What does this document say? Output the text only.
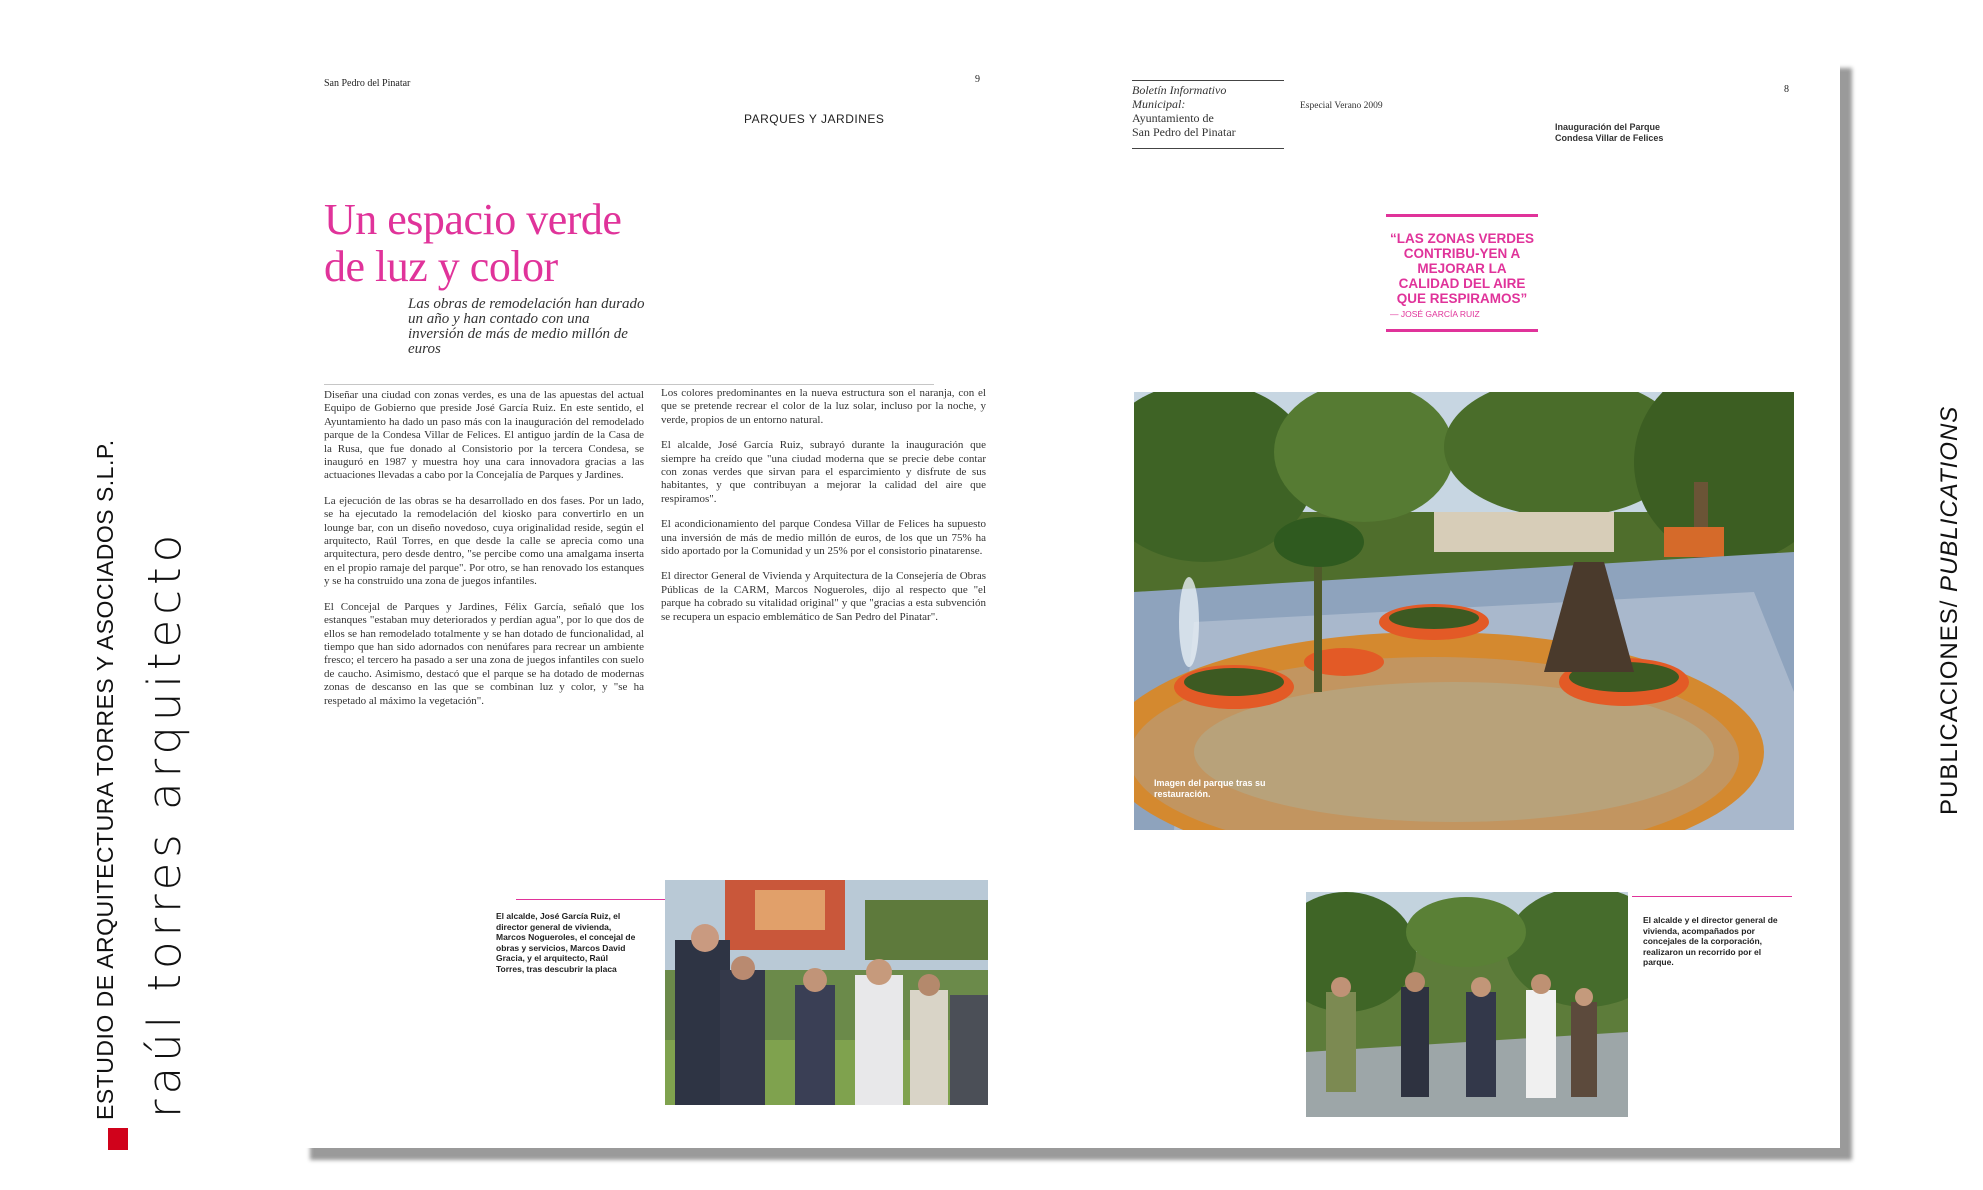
ESTUDIO DE ARQUITECTURA TORRES Y ASOCIADOS S.L.P. raúl torres arquitecto	PUBLICACIONES/ PUBLICATIONS
San Pedro del Pinatar	9
PARQUES Y JARDINES
Un espacio verde
de luz y color
Las obras de remodelación han durado un año y han contado con una inversión de más de medio millón de euros

Diseñar una ciudad con zonas verdes, es una de las apuestas del actual Equipo de Gobierno que preside José García Ruiz. En este sentido, el Ayuntamiento ha dado un paso más con la inauguración del remodelado parque de la Condesa Villar de Felices. El antiguo jardín de la Casa de la Rusa, que fue donado al Consistorio por la tercera Condesa, se inauguró en 1987 y muestra hoy una cara innovadora gracias a las actuaciones llevadas a cabo por la Concejalía de Parques y Jardines.

La ejecución de las obras se ha desarrollado en dos fases. Por un lado, se ha ejecutado la remodelación del kiosko para convertirlo en un lounge bar, con un diseño novedoso, cuya originalidad reside, según el arquitecto, Raúl Torres, en que desde la calle se aprecia como una arquitectura, pero desde dentro, "se percibe como una amalgama inserta en el propio ramaje del parque". Por otro, se han renovado los estanques y se ha construido una zona de juegos infantiles.

El Concejal de Parques y Jardines, Félix García, señaló que los estanques "estaban muy deteriorados y perdían agua", por lo que dos de ellos se han remodelado totalmente y se han dotado de funcionalidad, al tiempo que han sido adornados con nenúfares para recrear un ambiente fresco; el tercero ha pasado a ser una zona de juegos infantiles con suelo de caucho. Asimismo, destacó que el parque se ha dotado de modernas zonas de descanso en las que se combinan luz y color, y "se ha respetado al máximo la vegetación".

Los colores predominantes en la nueva estructura son el naranja, con el que se pretende recrear el color de la luz solar, incluso por la noche, y verde, propios de un entorno natural.

El alcalde, José García Ruiz, subrayó durante la inauguración que siempre ha creído que "una ciudad moderna que se precie debe contar con zonas verdes que sirvan para el esparcimiento y disfrute de sus habitantes, y que contribuyan a mejorar la calidad del aire que respiramos".

El acondicionamiento del parque Condesa Villar de Felices ha supuesto una inversión de más de medio millón de euros, de los que un 75% ha sido aportado por la Comunidad y un 25% por el consistorio pinatarense.

El director General de Vivienda y Arquitectura de la Consejería de Obras Públicas de la CARM, Marcos Nogueroles, dijo al respecto que "el parque ha cobrado su vitalidad original" y que "gracias a esta subvención se recupera un espacio emblemático de San Pedro del Pinatar".

El alcalde, José García Ruiz, el director general de vivienda, Marcos Nogueroles, el concejal de obras y servicios, Marcos David Gracia, y el arquitecto, Raúl Torres, tras descubrir la placa
Boletín Informativo
Municipal:
Ayuntamiento de
San Pedro del Pinatar
Especial Verano 2009
8
Inauguración del Parque Condesa Villar de Felices
“LAS ZONAS VERDES CONTRIBU-YEN A MEJORAR LA CALIDAD DEL AIRE QUE RESPIRAMOS”
— JOSÉ GARCÍA RUIZ
Imagen del parque tras su restauración.
El alcalde y el director general de vivienda, acompañados por concejales de la corporación, realizaron un recorrido por el parque.
